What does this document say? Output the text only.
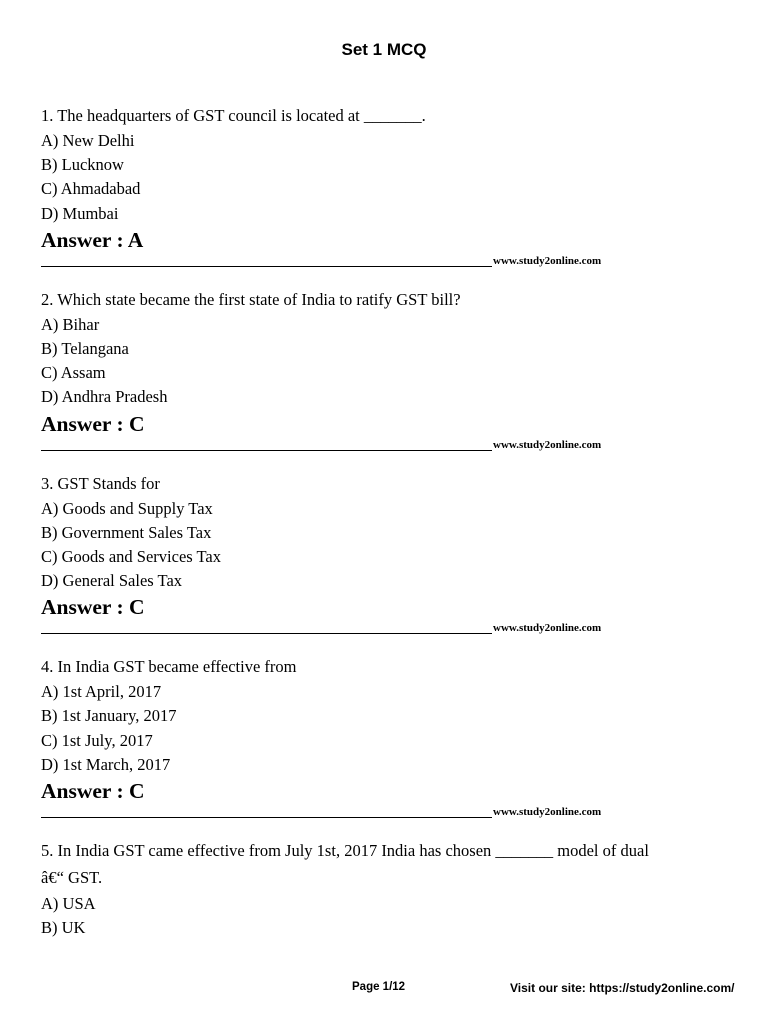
Set 1 MCQ
1. The headquarters of GST council is located at _______.
A) New Delhi
B) Lucknow
C) Ahmadabad
D) Mumbai
Answer : A
www.study2online.com
2. Which state became the first state of India to ratify GST bill?
A) Bihar
B) Telangana
C) Assam
D) Andhra Pradesh
Answer : C
www.study2online.com
3. GST Stands for
A) Goods and Supply Tax
B) Government Sales Tax
C) Goods and Services Tax
D) General Sales Tax
Answer : C
www.study2online.com
4. In India GST became effective from
A) 1st April, 2017
B) 1st January, 2017
C) 1st July, 2017
D) 1st March, 2017
Answer : C
www.study2online.com
5. In India GST came effective from July 1st, 2017 India has chosen _______ model of dual
â€“ GST.
A) USA
B) UK
Page 1/12	Visit our site: https://study2online.com/
